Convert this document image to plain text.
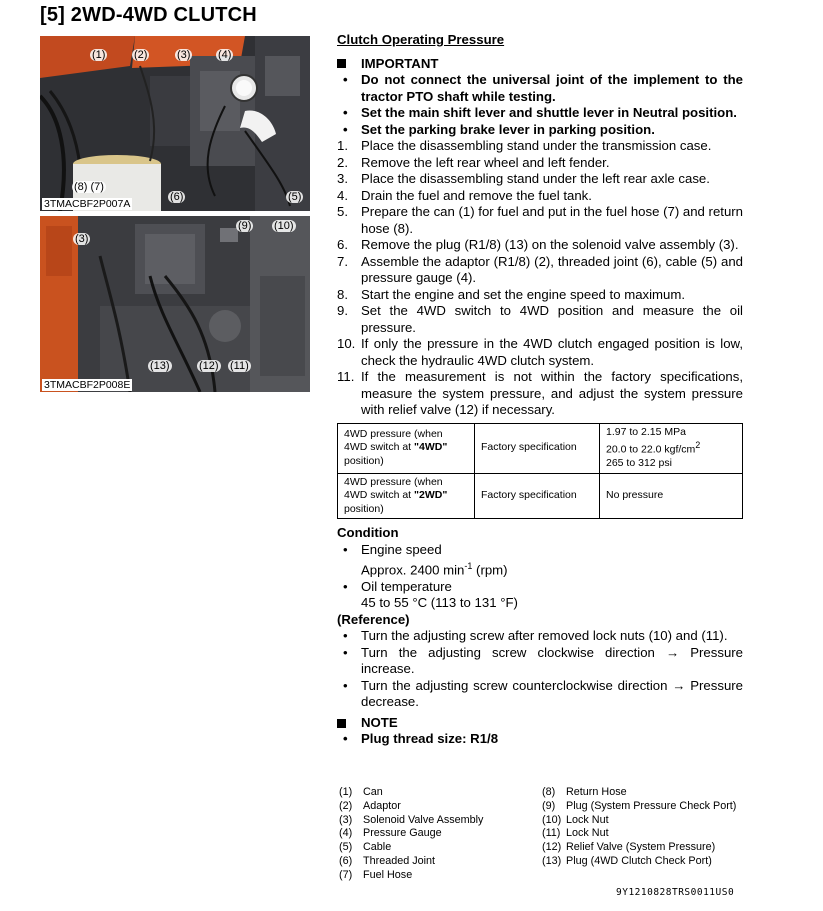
[5] 2WD-4WD CLUTCH
(1)	(2)	(3)	(4)
(5)
(6)
(8) (7)
3TMACBF2P007A
(3)
(9) (10)
(13)	(12) (11)
3TMACBF2P008E
Clutch Operating Pressure
IMPORTANT
•	Do not connect the universal joint of the implement to the tractor PTO shaft while testing.
•	Set the main shift lever and shuttle lever in Neutral position.
•	Set the parking brake lever in parking position.
1. Place the disassembling stand under the transmission case.
2. Remove the left rear wheel and left fender.
3. Place the disassembling stand under the left rear axle case.
4. Drain the fuel and remove the fuel tank.
5. Prepare the can (1) for fuel and put in the fuel hose (7) and return hose (8).
6. Remove the plug (R1/8) (13) on the solenoid valve assembly (3).
7. Assemble the adaptor (R1/8) (2), threaded joint (6), cable (5) and pressure gauge (4).
8. Start the engine and set the engine speed to maximum.
9. Set the 4WD switch to 4WD position and measure the oil pressure.
10. If only the pressure in the 4WD clutch engaged position is low, check the hydraulic 4WD clutch system.
11. If the measurement is not within the factory specifications, measure the system pressure, and adjust the system pressure with relief valve (12) if necessary.
4WD pressure (when 4WD switch at "4WD" position)	Factory specification	1.97 to 2.15 MPa
20.0 to 22.0 kgf/$cm^2$
265 to 312 psi
4WD pressure (when 4WD switch at "2WD" position)	Factory specification	No pressure
Condition
•	Engine speed
Approx. 2400 $\min^{-1} (rpm)$
•	Oil temperature
45 to 55 °C (113 to 131 °F)
(Reference)
•	Turn the adjusting screw after removed lock nuts (10) and (11).
•	Turn the adjusting screw clockwise direction → Pressure increase.
•	Turn the adjusting screw counterclockwise direction → Pressure decrease.
NOTE
•	Plug thread size: R1/8
(1) Can
(2) Adaptor
(3) Solenoid Valve Assembly
(4) Pressure Gauge
(5) Cable
(6) Threaded Joint
(7) Fuel Hose
(8) Return Hose
(9) Plug (System Pressure Check Port)
(10) Lock Nut
(11) Lock Nut
(12) Relief Valve (System Pressure)
(13) Plug (4WD Clutch Check Port)
9Y1210828TRS0011US0
